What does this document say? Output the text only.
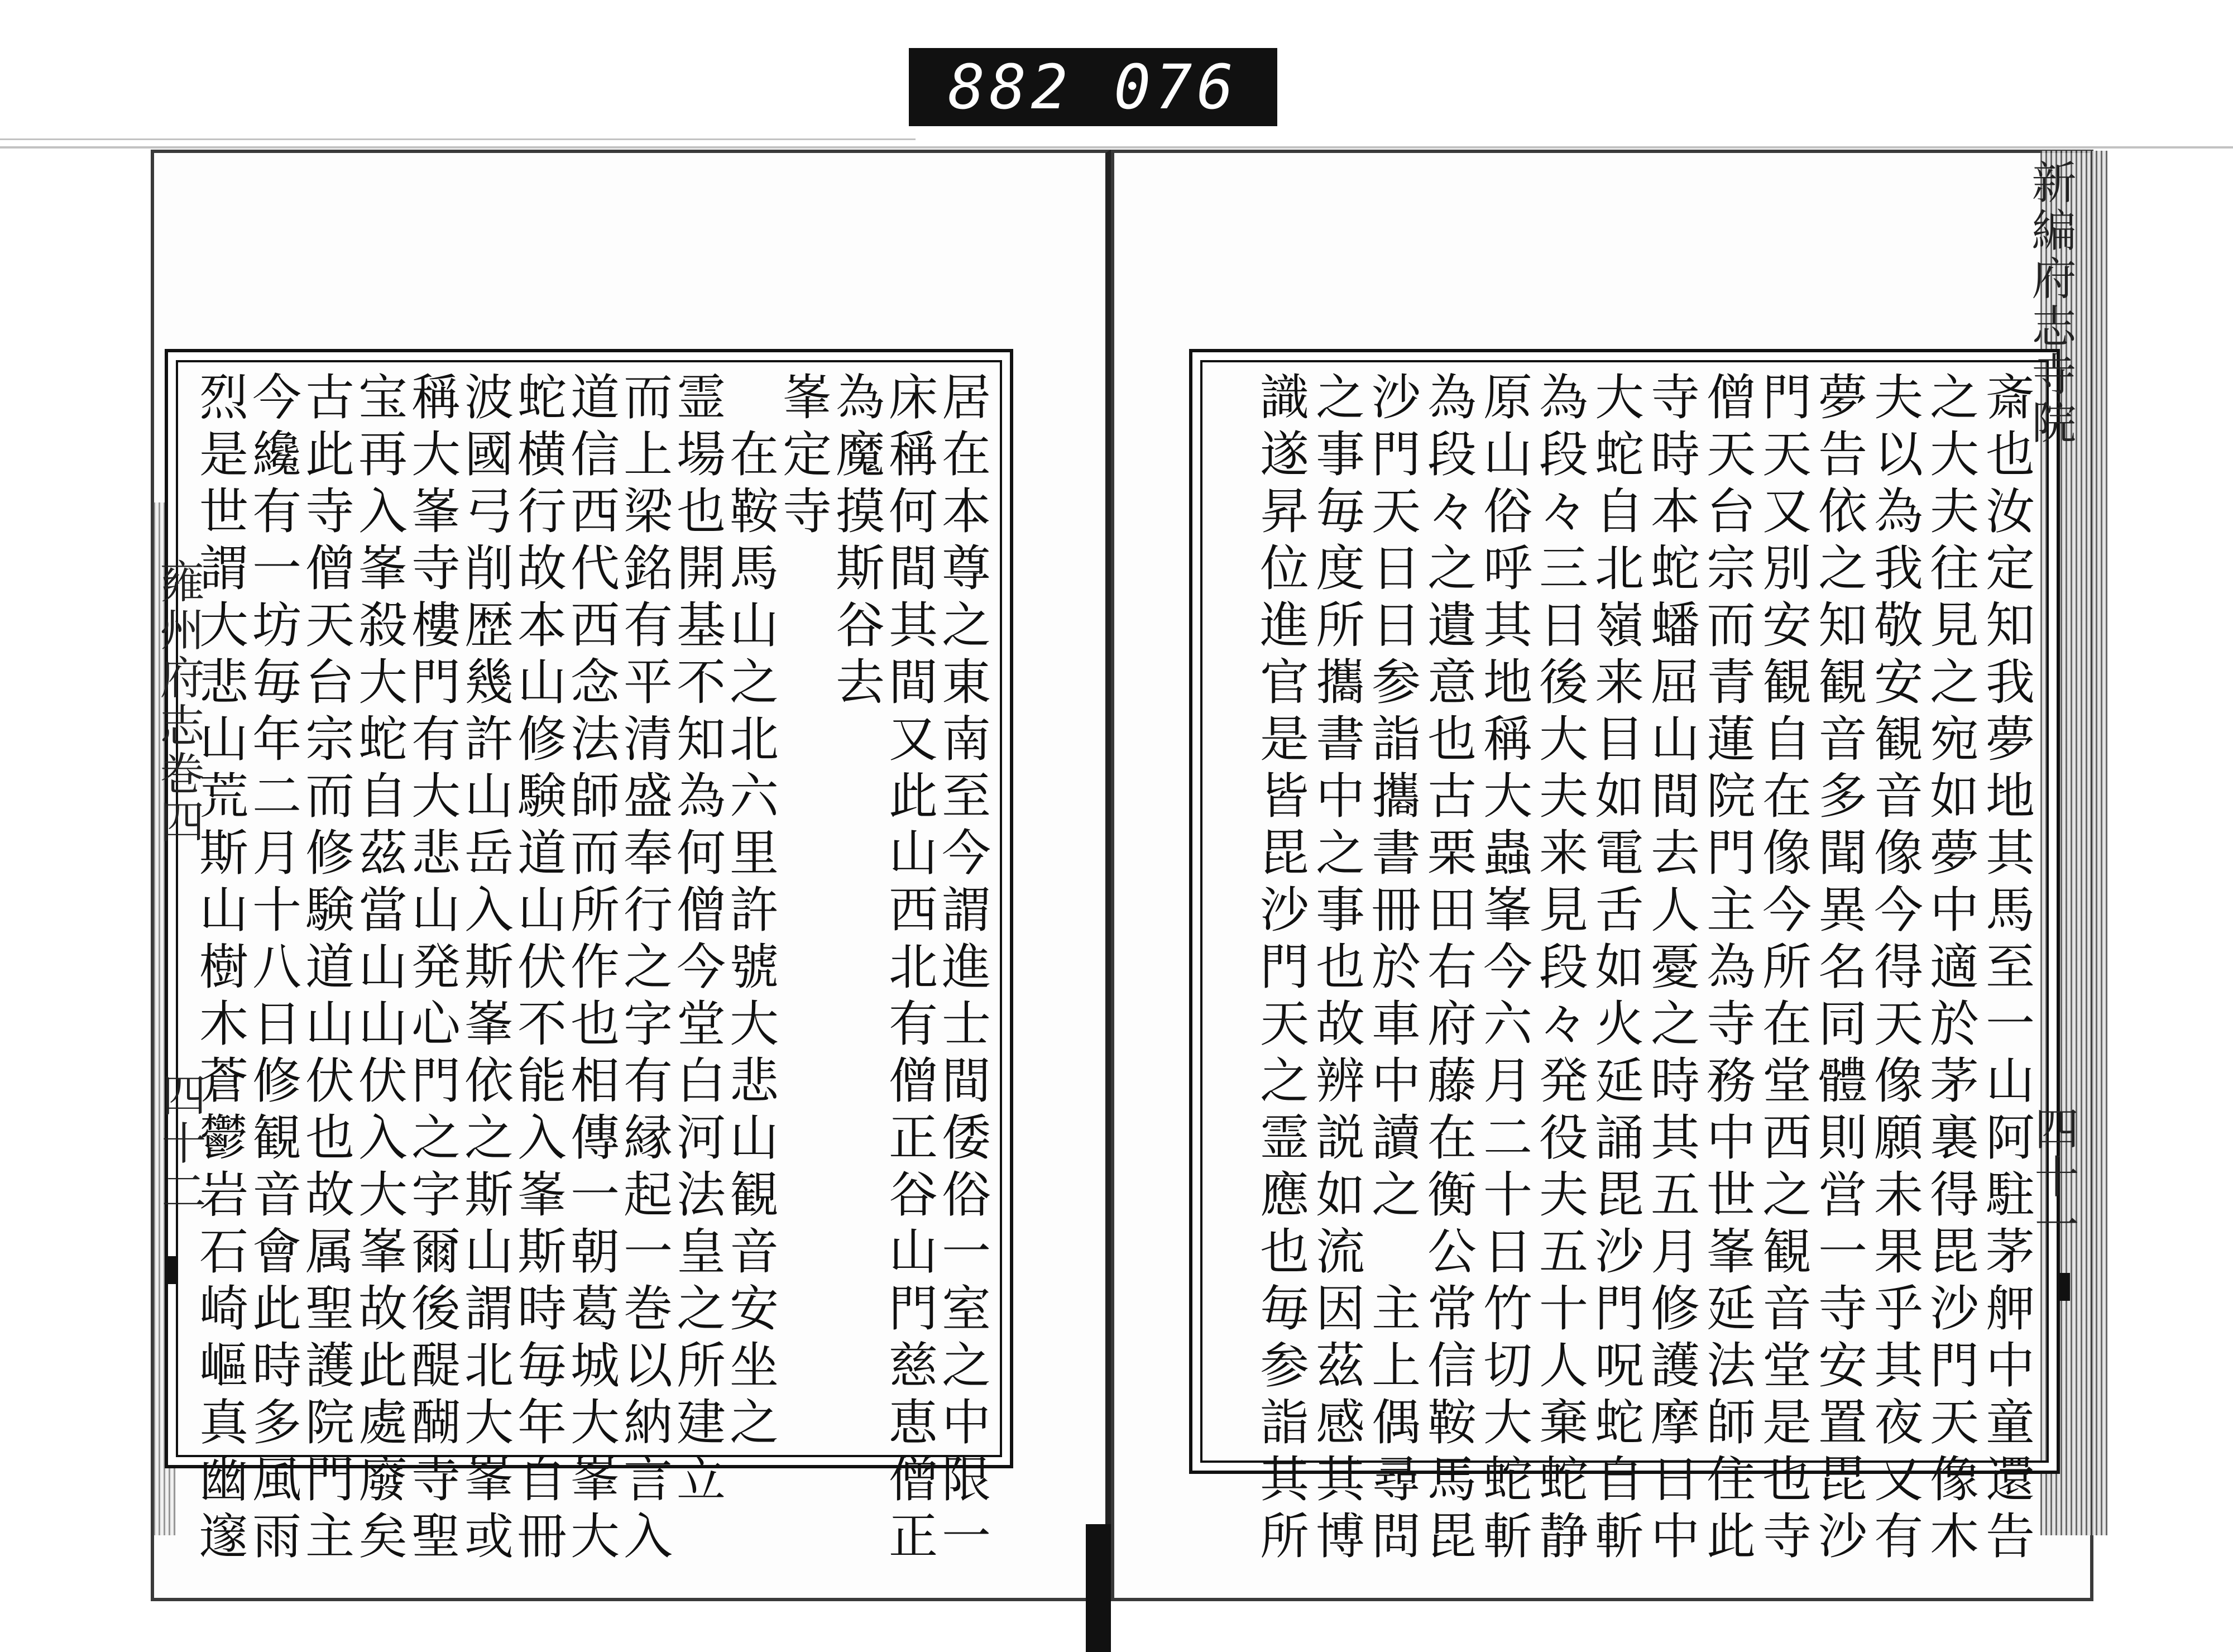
882 076
雍州府志巻四
四十二
新編府志寺院
四十一
斎也汝定知我夢地其馬至一山阿駐茅舺中童還告
之大夫往見之宛如夢中適於茅裏得毘沙門天像木
夫以為我敬安観音像今得天像願未果乎其夜又有
夢告依之知観音多聞異名同體則営一寺安置毘沙
門天又別安観自在像今所在堂西之観音堂是也寺
僧天台宗而青蓮院門主為寺務中世峯延法師住此
寺時本蛇蟠屈山間去人憂之時其五月修護摩日中
大蛇自北嶺来目如電舌如火延誦毘沙門呪蛇自斬
為段々三日後大夫来見段々発役夫五十人棄蛇静
原山俗呼其地稱大蟲峯今六月二十日竹切大蛇斬
為段々之遺意也古栗田右府藤在衡公常信鞍馬毘
沙門天日日参詣攜書冊於車中讀之　主上偶尋問
之事毎度所攜書中之事也故辨説如流因茲感其博
識遂昇位進官是皆毘沙門天之霊應也毎参詣其所
居在本尊之東南至今謂進士間倭俗一室之中限一
床稱何間其間又此山西北有僧正谷山門慈恵僧正
為魔摸斯谷去
峯定寺
　在鞍馬山之北六里許號大悲山観音安坐之
霊場也開基不知為何僧今堂白河法皇之所建立
而上梁銘有平清盛奉行之字有縁起一巻以納言入
道信西代西念法師而所作也相傳一朝葛城大峯大
蛇横行故本山修験道山伏不能入峯斯時毎年自冊
波國弓削歴幾許山岳入斯峯依之斯山謂北大峯或
稱大峯寺樓門有大悲山発心門之字爾後醍醐寺聖
宝再入峯殺大蛇自茲當山山伏入大峯故此處廢矣
古此寺僧天台宗而修験道山伏也故属聖護院門主
今纔有一坊毎年二月十八日修観音會此時多風雨
烈是世謂大悲山荒斯山樹木蒼鬱岩石崎嶇真幽邃
